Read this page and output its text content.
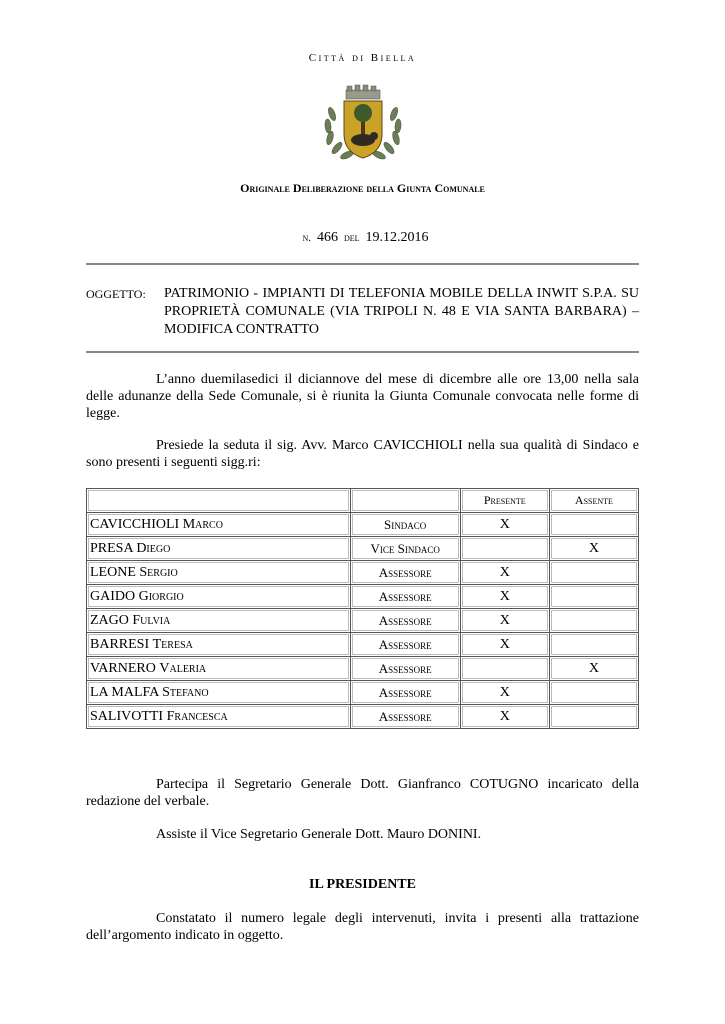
Città di Biella
Originale Deliberazione della Giunta Comunale
n. 466 del 19.12.2016
OGGETTO: PATRIMONIO - IMPIANTI DI TELEFONIA MOBILE DELLA INWIT S.P.A. SU PROPRIETÀ COMUNALE (VIA TRIPOLI N. 48 E VIA SANTA BARBARA) – MODIFICA CONTRATTO

L’anno duemilasedici il diciannove del mese di dicembre alle ore 13,00 nella sala delle adunanze della Sede Comunale, si è riunita la Giunta Comunale convocata nelle forme di legge.

Presiede la seduta il sig. Avv. Marco CAVICCHIOLI nella sua qualità di Sindaco e sono presenti i seguenti sigg.ri:

		Presente	Assente
CAVICCHIOLI Marco	Sindaco	X	
PRESA Diego	Vice Sindaco		X
LEONE Sergio	Assessore	X	
GAIDO Giorgio	Assessore	X	
ZAGO Fulvia	Assessore	X	
BARRESI Teresa	Assessore	X	
VARNERO Valeria	Assessore		X
LA MALFA Stefano	Assessore	X	
SALIVOTTI Francesca	Assessore	X	

Partecipa il Segretario Generale Dott. Gianfranco COTUGNO incaricato della redazione del verbale.

Assiste il Vice Segretario Generale Dott. Mauro DONINI.

IL PRESIDENTE

Constatato il numero legale degli intervenuti, invita i presenti alla trattazione dell’argomento indicato in oggetto.
